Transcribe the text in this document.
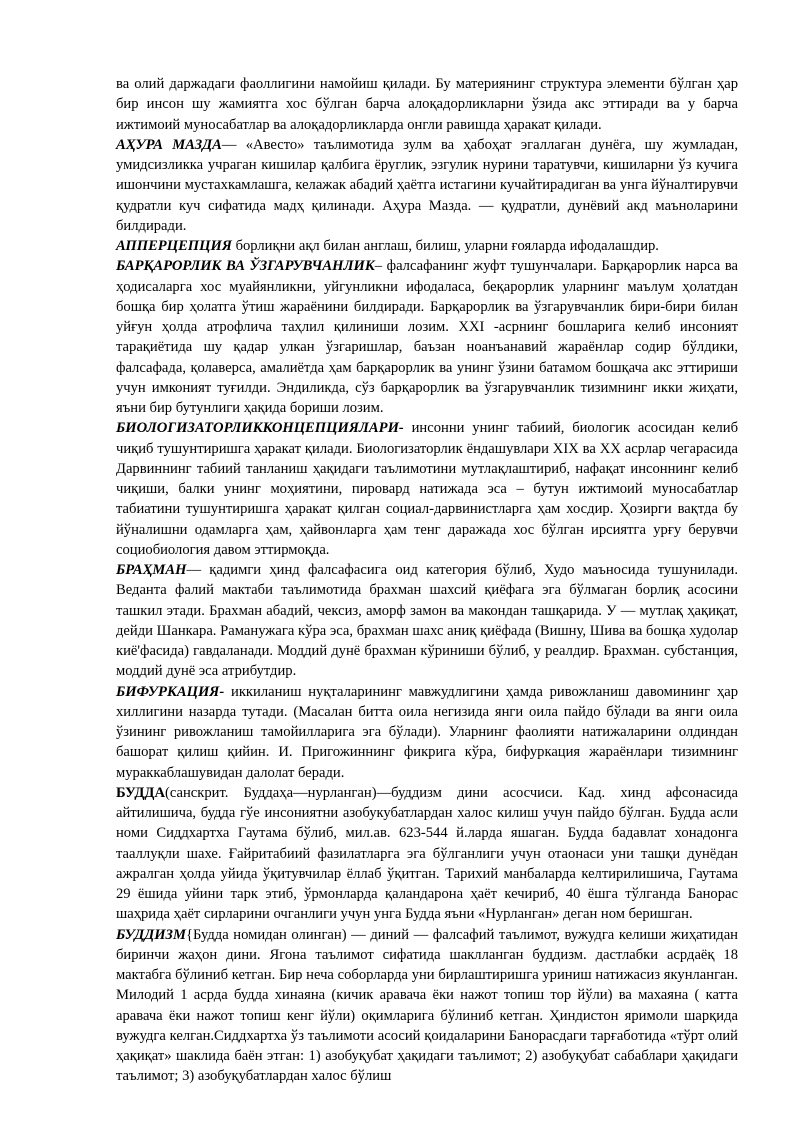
ва олий даржадаги фаоллигини намойиш қилади. Бу материянинг структура элементи бўлган ҳар бир инсон шу жамиятга хос бўлган барча алоқадорликларни ўзида акс эттиради ва у барча ижтимоий муносабатлар ва алоқадорликларда онгли равишда ҳаракат қилади.

АҲУРА МАЗДА— «Авесто» таълимотида зулм ва ҳабоҳат эгаллаган дунёга, шу жумладан, умидсизликка учраган кишилар қалбига ёруглик, эзгулик нурини таратувчи, кишиларни ўз кучига ишончини мустахкамлашга, келажак абадий ҳаётга истагини кучайтирадиган ва унга йўналтирувчи қудратли куч сифатида мадҳ қилинади. Аҳура Мазда. — қудратли, дунёвий акд маъноларини билдиради.

АППЕРЦЕПЦИЯ борлиқни ақл билан англаш, билиш, уларни ғояларда ифодалашдир.

БАРҚАРОРЛИК ВА ЎЗГАРУВЧАНЛИК– фалсафанинг жуфт тушунчалари. Барқарорлик нарса ва ҳодисаларга хос муайянликни, уйгунликни ифодаласа, беқарорлик уларнинг маълум ҳолатдан бошқа бир ҳолатга ўтиш жараёнини билдиради. Барқарорлик ва ўзгарувчанлик бири-бири билан уйғун ҳолда атрофлича таҳлил қилиниши лозим. XXI -асрнинг бошларига келиб инсоният тарақиётида шу қадар улкан ўзгаришлар, баъзан ноанъанавий жараёнлар содир бўлдики, фалсафада, қолаверса, амалиётда ҳам барқарорлик ва унинг ўзини батамом бошқача акс эттириши учун имконият туғилди. Эндиликда, сўз барқарорлик ва ўзгарувчанлик тизимнинг икки жиҳати, яъни бир бутунлиги ҳақида бориши лозим.

БИОЛОГИЗАТОРЛИККОНЦЕПЦИЯЛАРИ- инсонни унинг табиий, биологик асосидан келиб чиқиб тушунтиришга ҳаракат қилади. Биологизаторлик ёндашувлари XIX ва XX асрлар чегарасида Дарвиннинг табиий танланиш ҳақидаги таълимотини мутлақлаштириб, нафақат инсоннинг келиб чиқиши, балки унинг моҳиятини, пировард натижада эса – бутун ижтимоий муносабатлар табиатини тушунтиришга ҳаракат қилган социал-дарвинистларга ҳам хосдир. Ҳозирги вақтда бу йўналишни одамларга ҳам, ҳайвонларга ҳам тенг даражада хос бўлган ирсиятга урғу берувчи социобиология давом эттирмоқда.

БРАҲМАН— қадимги ҳинд фалсафасига оид категория бўлиб, Худо маъносида тушунилади. Веданта фалий мактаби таълимотида брахман шахсий қиёфага эга бўлмаган борлиқ асосини ташкил этади. Брахман абадий, чексиз, аморф замон ва макондан ташқарида. У — мутлақ ҳақиқат, дейди Шанкара. Раманужага кўра эса, брахман шахс аниқ қиёфада (Вишну, Шива ва бошқа худолар киё'фасида) гавдаланади. Моддий дунё брахман кўриниши бўлиб, у реалдир. Брахман. субстанция, моддий дунё эса атрибутдир.

БИФУРКАЦИЯ- иккиланиш нуқталарининг мавжудлигини ҳамда ривожланиш давомининг ҳар хиллигини назарда тутади. (Масалан битта оила негизида янги оила пайдо бўлади ва янги оила ўзининг ривожланиш тамойилларига эга бўлади). Уларнинг фаолияти натижаларини олдиндан башорат қилиш қийин. И. Пригожиннинг фикрига кўра, бифуркация жараёнлари тизимнинг мураккаблашувидан далолат беради.

БУДДА(санскрит. Буддаҳа—нурланган)—буддизм дини асосчиси. Кад. хинд афсонасида айтилишича, будда гўе инсониятни азобукубатлардан халос килиш учун пайдо бўлган. Будда асли номи Сиддхартха Гаутама бўлиб, мил.ав. 623-544 й.ларда яшаган. Будда бадавлат хонадонга тааллуқли шахе. Ғайритабиий фазилатларга эга бўлганлиги учун отаонаси уни ташқи дунёдан ажралган ҳолда уйида ўқитувчилар ёллаб ўқитган. Тарихий манбаларда келтирилишича, Гаутама 29 ёшида уйини тарк этиб, ўрмонларда қаландарона ҳаёт кечириб, 40 ёшга тўлганда Банорас шаҳрида ҳаёт сирларини очганлиги учун унга Будда яъни «Нурланган» деган ном беришган.

БУДДИЗМ{Будда номидан олинган) — диний — фалсафий таълимот, вужудга келиши жиҳатидан биринчи жаҳон дини. Ягона таълимот сифатида шаклланган буддизм. дастлабки асрдаёқ 18 мактабга бўлиниб кетган. Бир неча соборларда уни бирлаштиришга уриниш натижасиз якунланган. Милодий 1 асрда будда хинаяна (кичик аравача ёки нажот топиш тор йўли) ва махаяна ( катта аравача ёки нажот топиш кенг йўли) оқимларига бўлиниб кетган. Ҳиндистон яримоли шарқида вужудга келган.Сиддхартха ўз таълимоти асосий қоидаларини Банорасдаги тарғаботида «тўрт олий ҳақиқат» шаклида баён этган: 1) азобуқубат ҳақидаги таълимот; 2) азобуқубат сабаблари ҳақидаги таълимот; 3) азобуқубатлардан халос бўлиш
